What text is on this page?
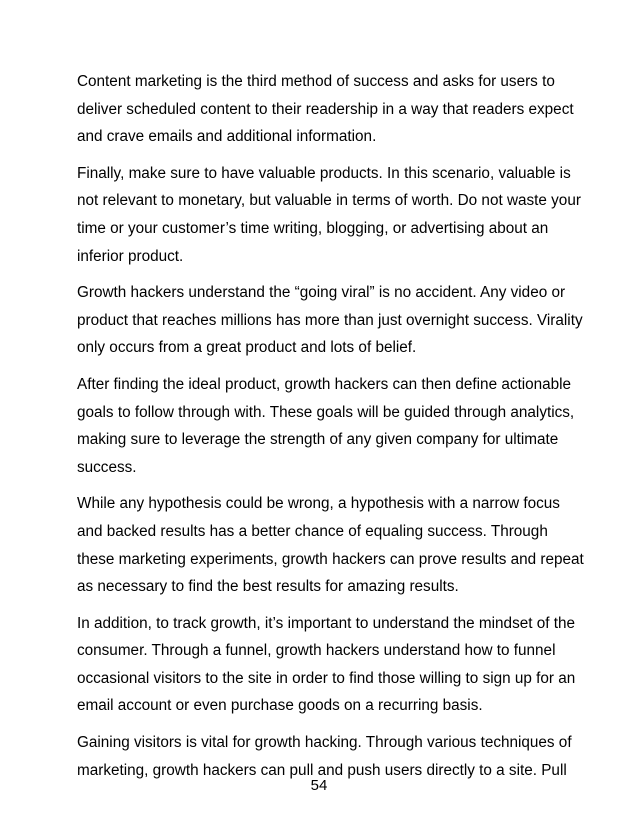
Content marketing is the third method of success and asks for users to
deliver scheduled content to their readership in a way that readers expect
and crave emails and additional information.

Finally, make sure to have valuable products. In this scenario, valuable is
not relevant to monetary, but valuable in terms of worth. Do not waste your
time or your customer’s time writing, blogging, or advertising about an
inferior product.

Growth hackers understand the “going viral” is no accident. Any video or
product that reaches millions has more than just overnight success. Virality
only occurs from a great product and lots of belief.

After finding the ideal product, growth hackers can then define actionable
goals to follow through with. These goals will be guided through analytics,
making sure to leverage the strength of any given company for ultimate
success.

While any hypothesis could be wrong, a hypothesis with a narrow focus
and backed results has a better chance of equaling success. Through
these marketing experiments, growth hackers can prove results and repeat
as necessary to find the best results for amazing results.

In addition, to track growth, it’s important to understand the mindset of the
consumer. Through a funnel, growth hackers understand how to funnel
occasional visitors to the site in order to find those willing to sign up for an
email account or even purchase goods on a recurring basis.

Gaining visitors is vital for growth hacking. Through various techniques of
marketing, growth hackers can pull and push users directly to a site. Pull

54
